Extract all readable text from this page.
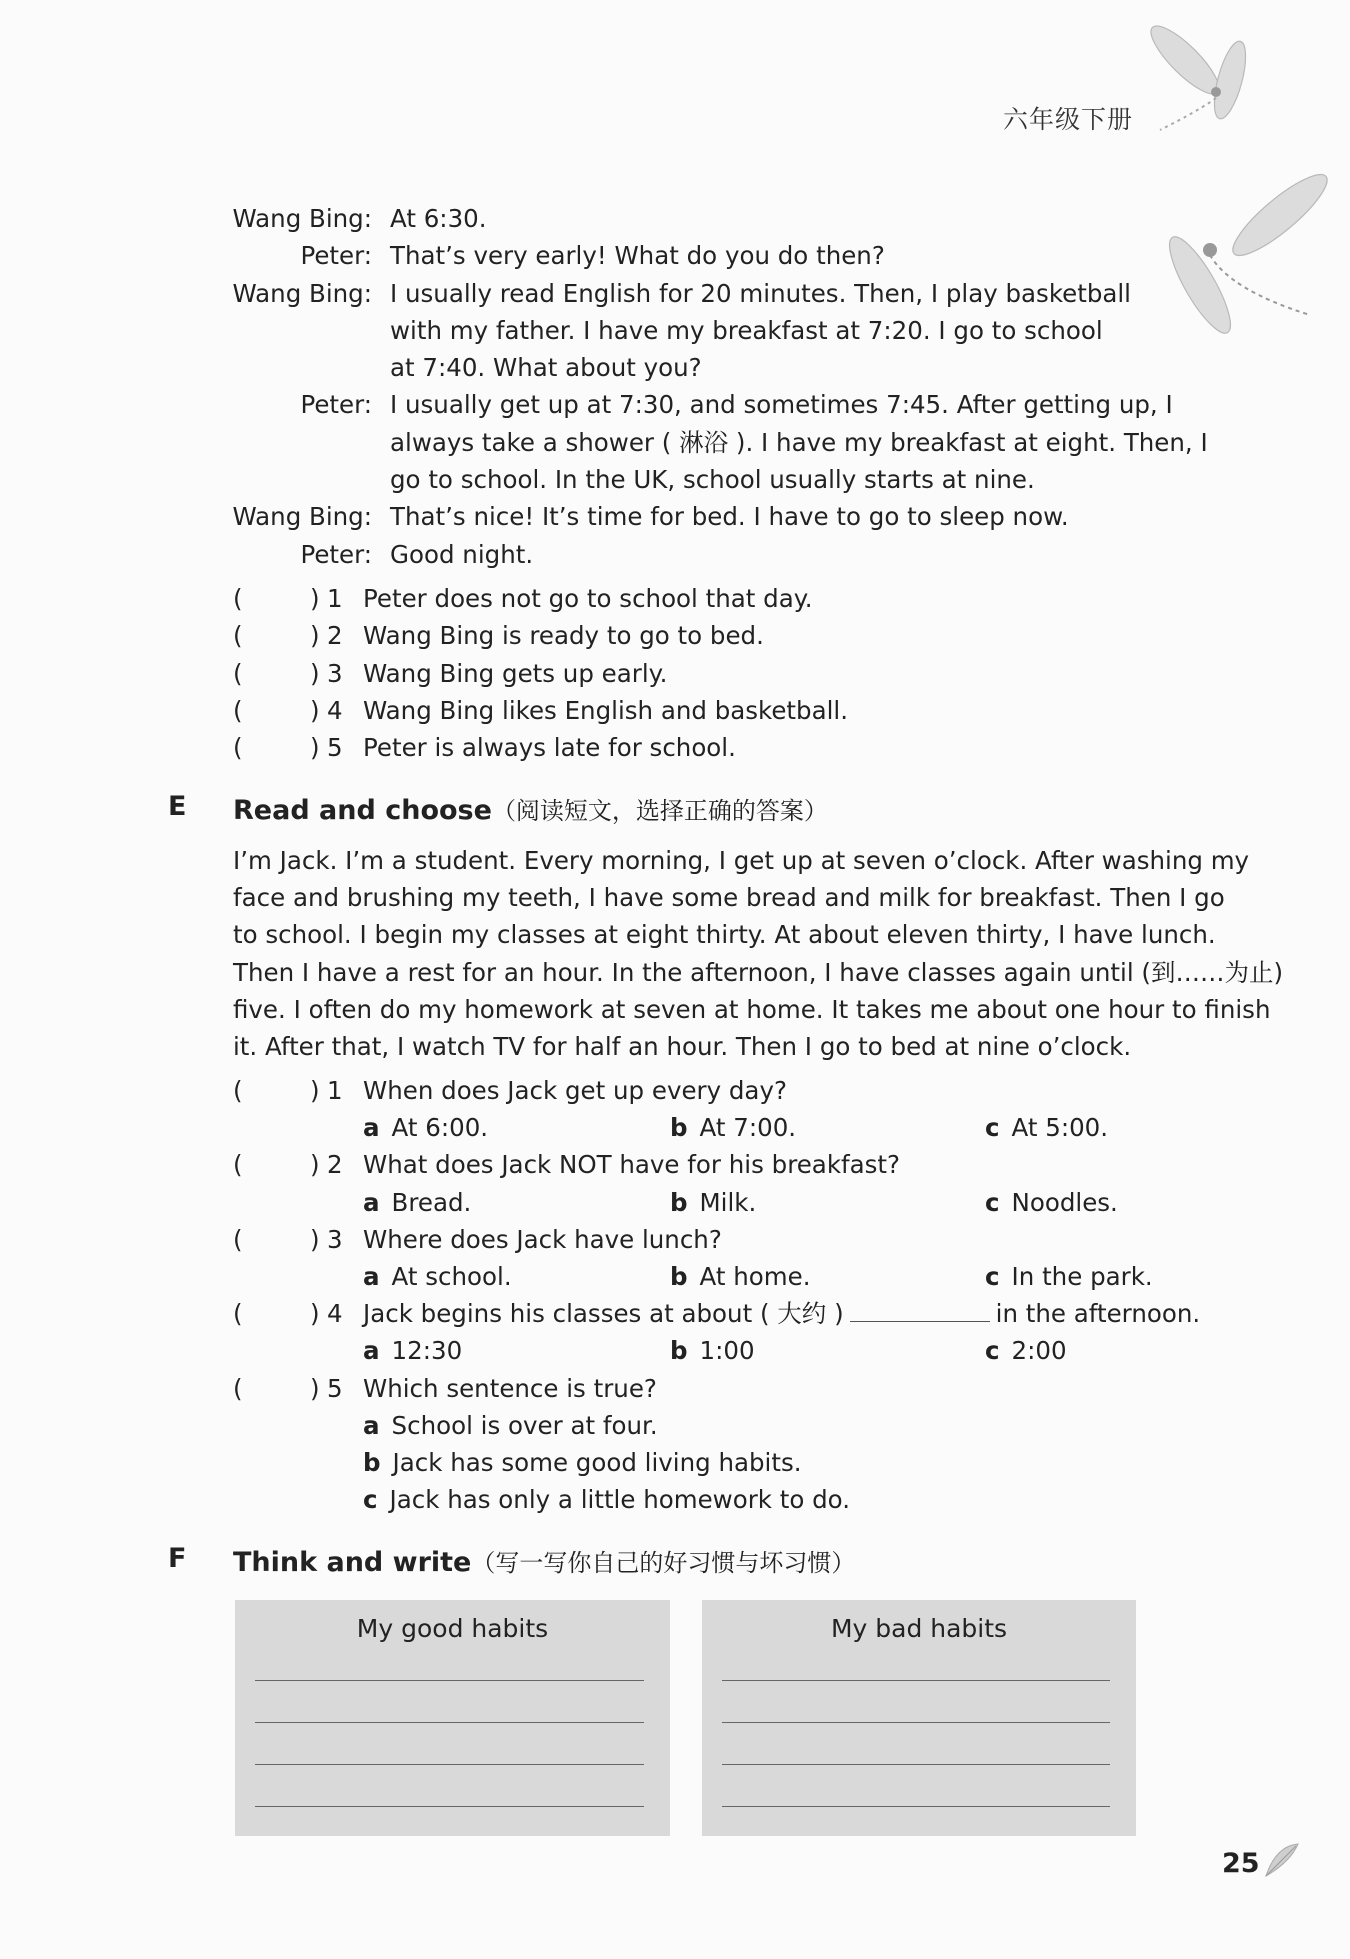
六年级下册
Wang Bing: At 6:30.
Peter: That’s very early! What do you do then?
Wang Bing: I usually read English for 20 minutes. Then, I play basketball
with my father. I have my breakfast at 7:20. I go to school
at 7:40. What about you?
Peter: I usually get up at 7:30, and sometimes 7:45. After getting up, I
always take a shower ( 淋浴 ). I have my breakfast at eight. Then, I
go to school. In the UK, school usually starts at nine.
Wang Bing: That’s nice! It’s time for bed. I have to go to sleep now.
Peter: Good night.
(	) 1 Peter does not go to school that day.
(	) 2 Wang Bing is ready to go to bed.
(	) 3 Wang Bing gets up early.
(	) 4 Wang Bing likes English and basketball.
(	) 5 Peter is always late for school.
E Read and choose（阅读短文，选择正确的答案）
I’m Jack. I’m a student. Every morning, I get up at seven o’clock. After washing my
face and brushing my teeth, I have some bread and milk for breakfast. Then I go
to school. I begin my classes at eight thirty. At about eleven thirty, I have lunch.
Then I have a rest for an hour. In the afternoon, I have classes again until (到……为止)
five. I often do my homework at seven at home. It takes me about one hour to finish
it. After that, I watch TV for half an hour. Then I go to bed at nine o’clock.
(	) 1 When does Jack get up every day?
a At 6:00.	b At 7:00.	c At 5:00.
(	) 2 What does Jack NOT have for his breakfast?
a Bread.	b Milk.	c Noodles.
(	) 3 Where does Jack have lunch?
a At school.	b At home.	c In the park.
(	) 4 Jack begins his classes at about ( 大约 )	in the afternoon.
a 12:30	b 1:00	c 2:00
(	) 5 Which sentence is true?
a School is over at four.
b Jack has some good living habits.
c Jack has only a little homework to do.
F Think and write（写一写你自己的好习惯与坏习惯）
My good habits	My bad habits
25
